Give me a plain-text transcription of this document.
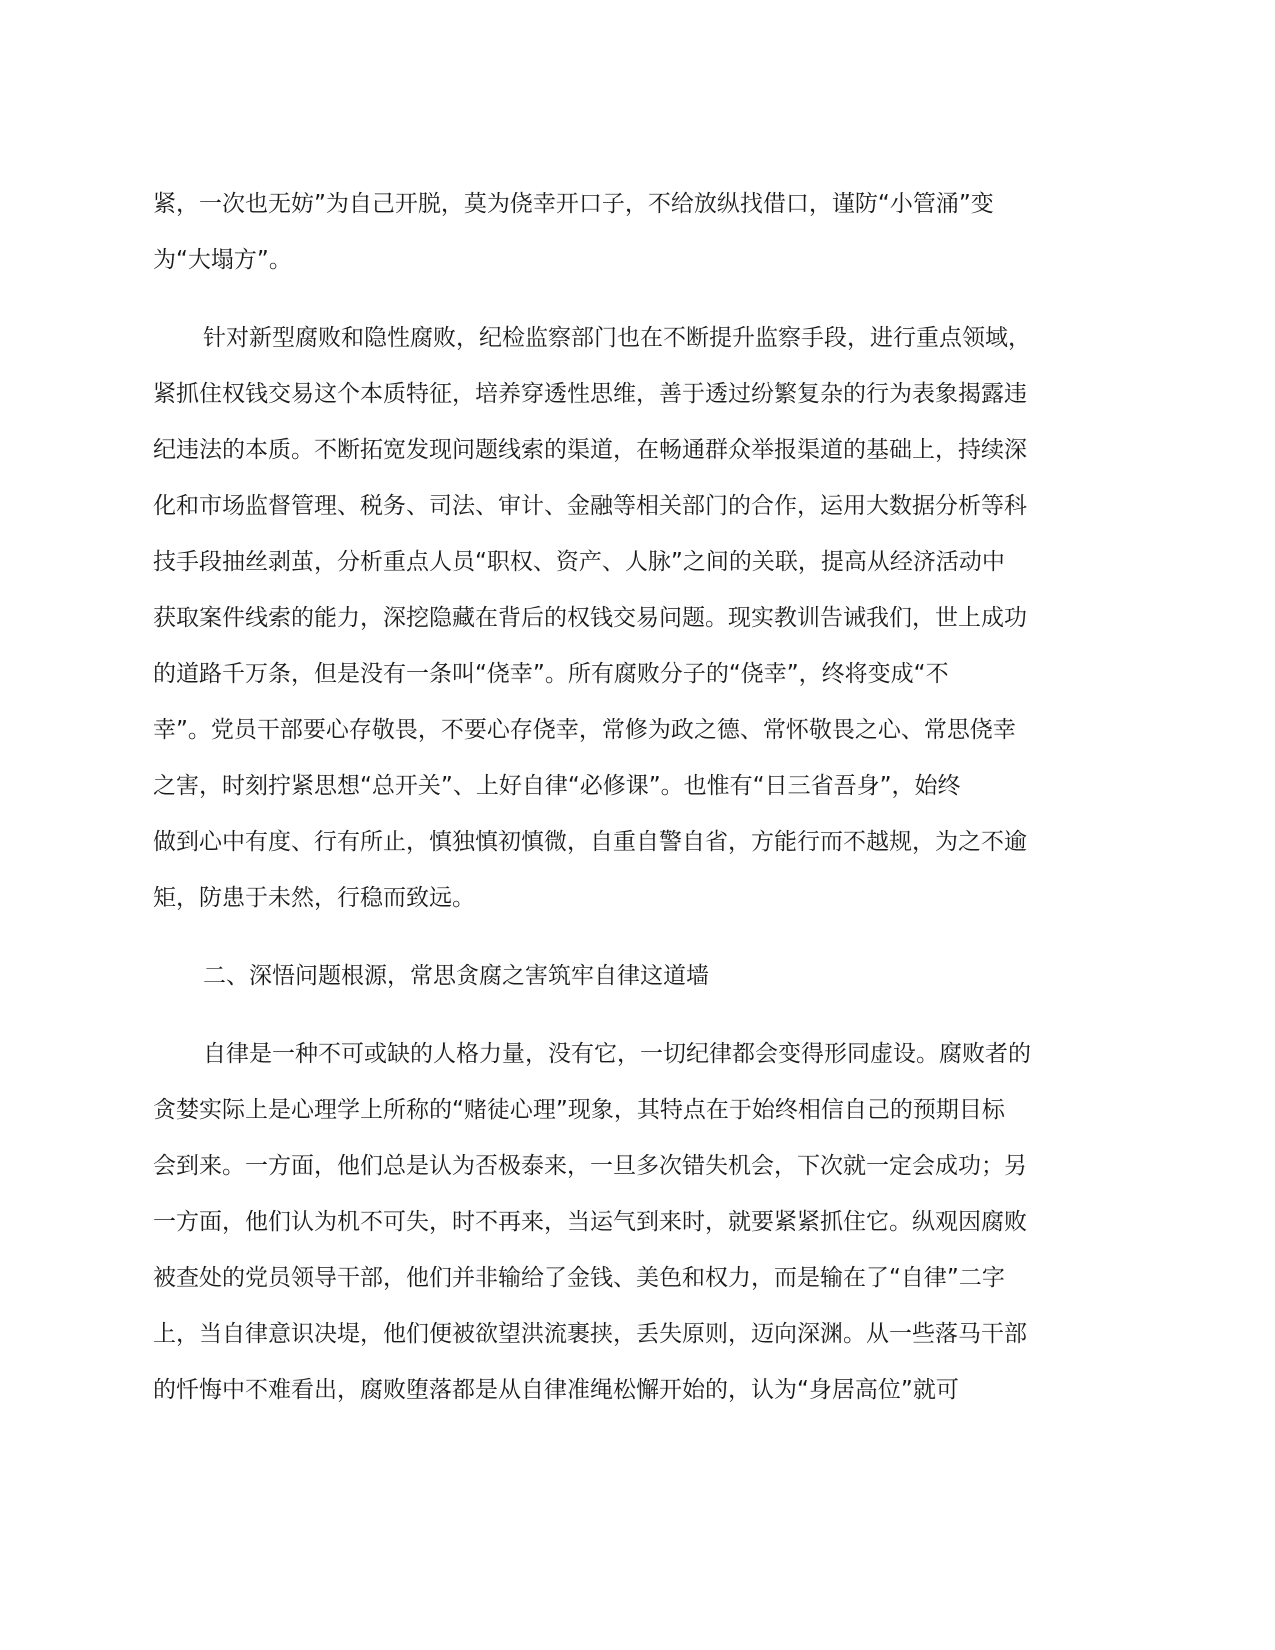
紧，一次也无妨”为自己开脱，莫为侥幸开口子，不给放纵找借口，谨防“小管涌”变
为“大塌方”。
针对新型腐败和隐性腐败，纪检监察部门也在不断提升监察手段，进行重点领域，
紧抓住权钱交易这个本质特征，培养穿透性思维，善于透过纷繁复杂的行为表象揭露违
纪违法的本质。不断拓宽发现问题线索的渠道，在畅通群众举报渠道的基础上，持续深
化和市场监督管理、税务、司法、审计、金融等相关部门的合作，运用大数据分析等科
技手段抽丝剥茧，分析重点人员“职权、资产、人脉”之间的关联，提高从经济活动中
获取案件线索的能力，深挖隐藏在背后的权钱交易问题。现实教训告诫我们，世上成功
的道路千万条，但是没有一条叫“侥幸”。所有腐败分子的“侥幸”，终将变成“不
幸”。党员干部要心存敬畏，不要心存侥幸，常修为政之德、常怀敬畏之心、常思侥幸
之害，时刻拧紧思想“总开关”、上好自律“必修课”。也惟有“日三省吾身”，始终
做到心中有度、行有所止，慎独慎初慎微，自重自警自省，方能行而不越规，为之不逾
矩，防患于未然，行稳而致远。
二、深悟问题根源，常思贪腐之害筑牢自律这道墙
自律是一种不可或缺的人格力量，没有它，一切纪律都会变得形同虚设。腐败者的
贪婪实际上是心理学上所称的“赌徒心理”现象，其特点在于始终相信自己的预期目标
会到来。一方面，他们总是认为否极泰来，一旦多次错失机会，下次就一定会成功；另
一方面，他们认为机不可失，时不再来，当运气到来时，就要紧紧抓住它。纵观因腐败
被查处的党员领导干部，他们并非输给了金钱、美色和权力，而是输在了“自律”二字
上，当自律意识决堤，他们便被欲望洪流裹挟，丢失原则，迈向深渊。从一些落马干部
的忏悔中不难看出，腐败堕落都是从自律准绳松懈开始的，认为“身居高位”就可
